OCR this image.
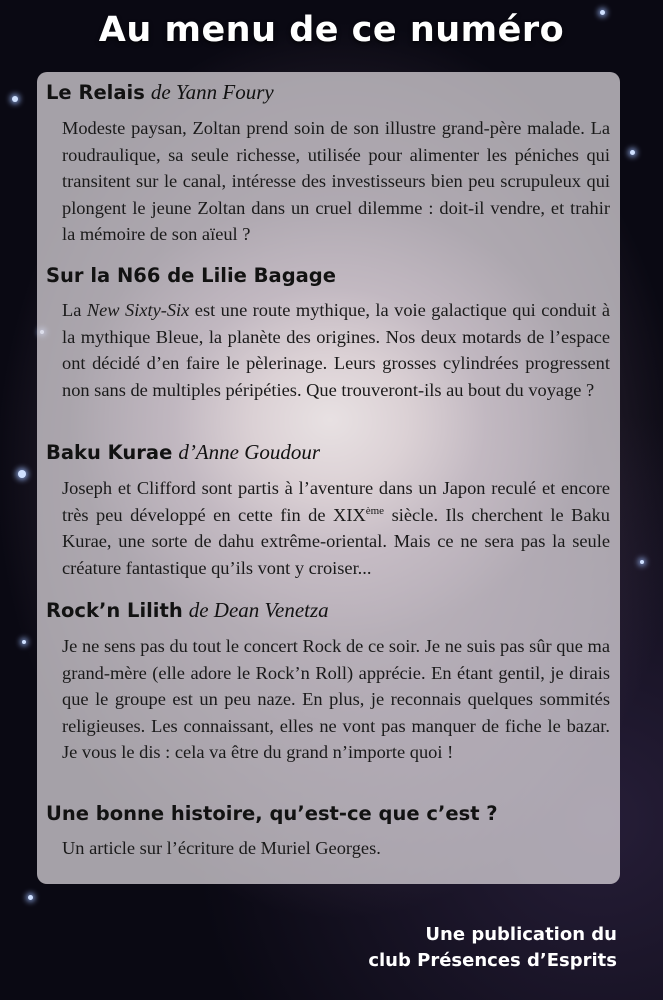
Au menu de ce numéro
Le Relais de Yann Foury
Modeste paysan, Zoltan prend soin de son illustre grand-père malade. La roudraulique, sa seule richesse, utilisée pour alimenter les péniches qui transitent sur le canal, intéresse des investisseurs bien peu scrupuleux qui plongent le jeune Zoltan dans un cruel dilemme : doit-il vendre, et trahir la mémoire de son aïeul ?
Sur la N66 de Lilie Bagage
La New Sixty-Six est une route mythique, la voie galactique qui conduit à la mythique Bleue, la planète des origines. Nos deux motards de l’espace ont décidé d’en faire le pèlerinage. Leurs grosses cylindrées progressent non sans de multiples péripéties. Que trouveront-ils au bout du voyage ?
Baku Kurae d’Anne Goudour
Joseph et Clifford sont partis à l’aventure dans un Japon reculé et encore très peu développé en cette fin de XIXème siècle. Ils cherchent le Baku Kurae, une sorte de dahu extrême-oriental. Mais ce ne sera pas la seule créature fantastique qu’ils vont y croiser...
Rock’n Lilith de Dean Venetza
Je ne sens pas du tout le concert Rock de ce soir. Je ne suis pas sûr que ma grand-mère (elle adore le Rock’n Roll) apprécie. En étant gentil, je dirais que le groupe est un peu naze. En plus, je reconnais quelques sommités religieuses. Les connaissant, elles ne vont pas manquer de fiche le bazar. Je vous le dis : cela va être du grand n’importe quoi !
Une bonne histoire, qu’est-ce que c’est ?
Un article sur l’écriture de Muriel Georges.
Une publication du
club Présences d’Esprits
